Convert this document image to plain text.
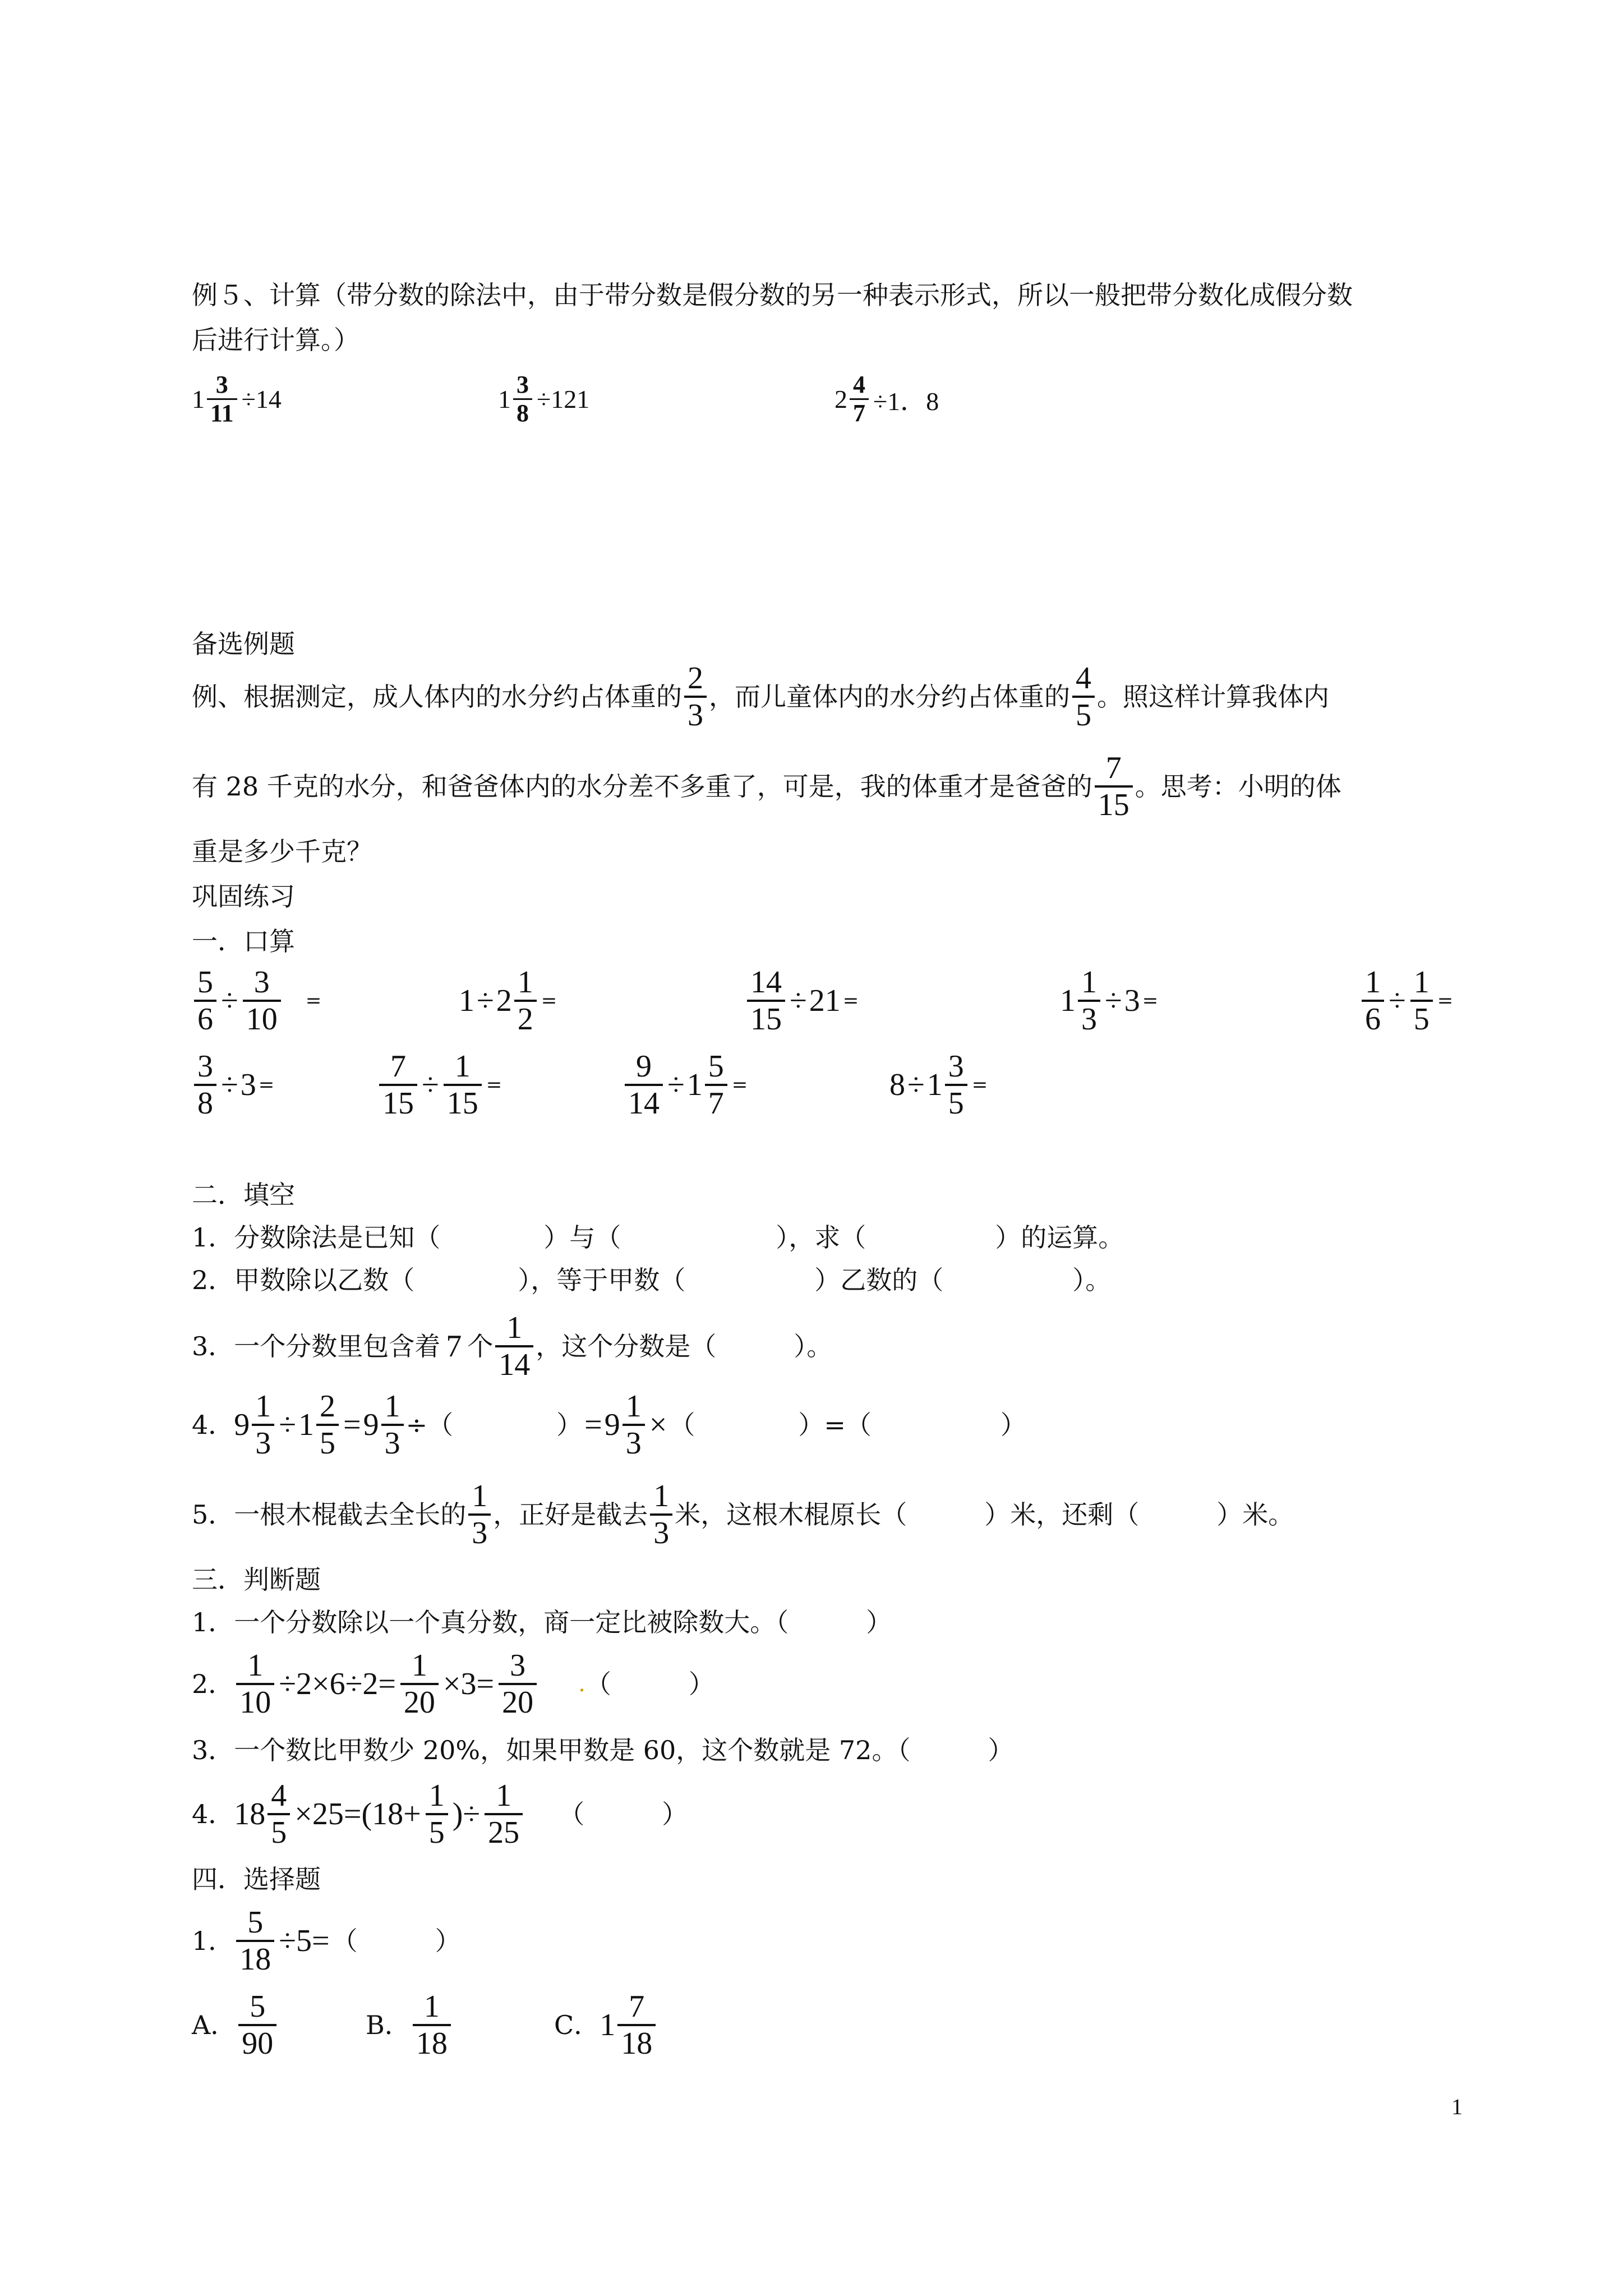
例５、计算（带分数的除法中，由于带分数是假分数的另一种表示形式，所以一般把带分数化成假分数
后进行计算。）
$1 \frac{3}{11} \div 14$	$1 \frac{3}{8} \div 121$	$2 \frac{4}{7} \div 1$．8
备选例题
例、根据测定，成人体内的水分约占体重的 $\frac{2}{3}$ ，而儿童体内的水分约占体重的 $\frac{4}{5}$ 。照这样计算我体内
有 28 千克的水分，和爸爸体内的水分差不多重了，可是，我的体重才是爸爸的 $\frac{7}{15}$ 。思考：小明的体
重是多少千克？
巩固练习
一．口算
$\frac{5}{6} \div \frac{3}{10}$	=	$1 \div 2 \frac{1}{2}$ =	$\frac{14}{15} \div 21$ =	$1 \frac{1}{3} \div 3$ =	$\frac{1}{6} \div \frac{1}{5}$ =
$\frac{3}{8} \div 3$ =	$\frac{7}{15} \div \frac{1}{15}$ =	$\frac{9}{14} \div 1 \frac{5}{7}$ =	$8 \div 1 \frac{3}{5}$ =
二．填空
1．分数除法是已知（　　　　）与（　　　　　　），求（　　　　　）的运算。
2．甲数除以乙数（　　　　），等于甲数（　　　　　）乙数的（　　　　　）。
3．一个分数里包含着 7 个 $\frac{1}{14}$ ，这个分数是（　　　）。
4． $9 \frac{1}{3} \div 1 \frac{2}{5} = 9 \frac{1}{3}$ ÷（　　　　） = $9 \frac{1}{3}$ × （　　　　）=（　　　　　）
5．一根木棍截去全长的 $\frac{1}{3}$ ，正好是截去 $\frac{1}{3}$ 米，这根木棍原长（　　　）米，还剩（　　　）米。
三．判断题
1．一个分数除以一个真分数，商一定比被除数大。（　　　）
2． $\frac{1}{10} \div 2\times 6\div 2= \frac{1}{20} \times 3= \frac{3}{20}$	. （　　　）
3．一个数比甲数少 20%，如果甲数是 60，这个数就是 72。（　　　）
4． $18 \frac{4}{5} \times 25=(18+ \frac{1}{5}$ )÷ $\frac{1}{25}$	（　　　）
四．选择题
1． $\frac{5}{18} \div 5=$ （　　　）
A． $\frac{5}{90}$	B． $\frac{1}{18}$	C． $1 \frac{7}{18}$
1
